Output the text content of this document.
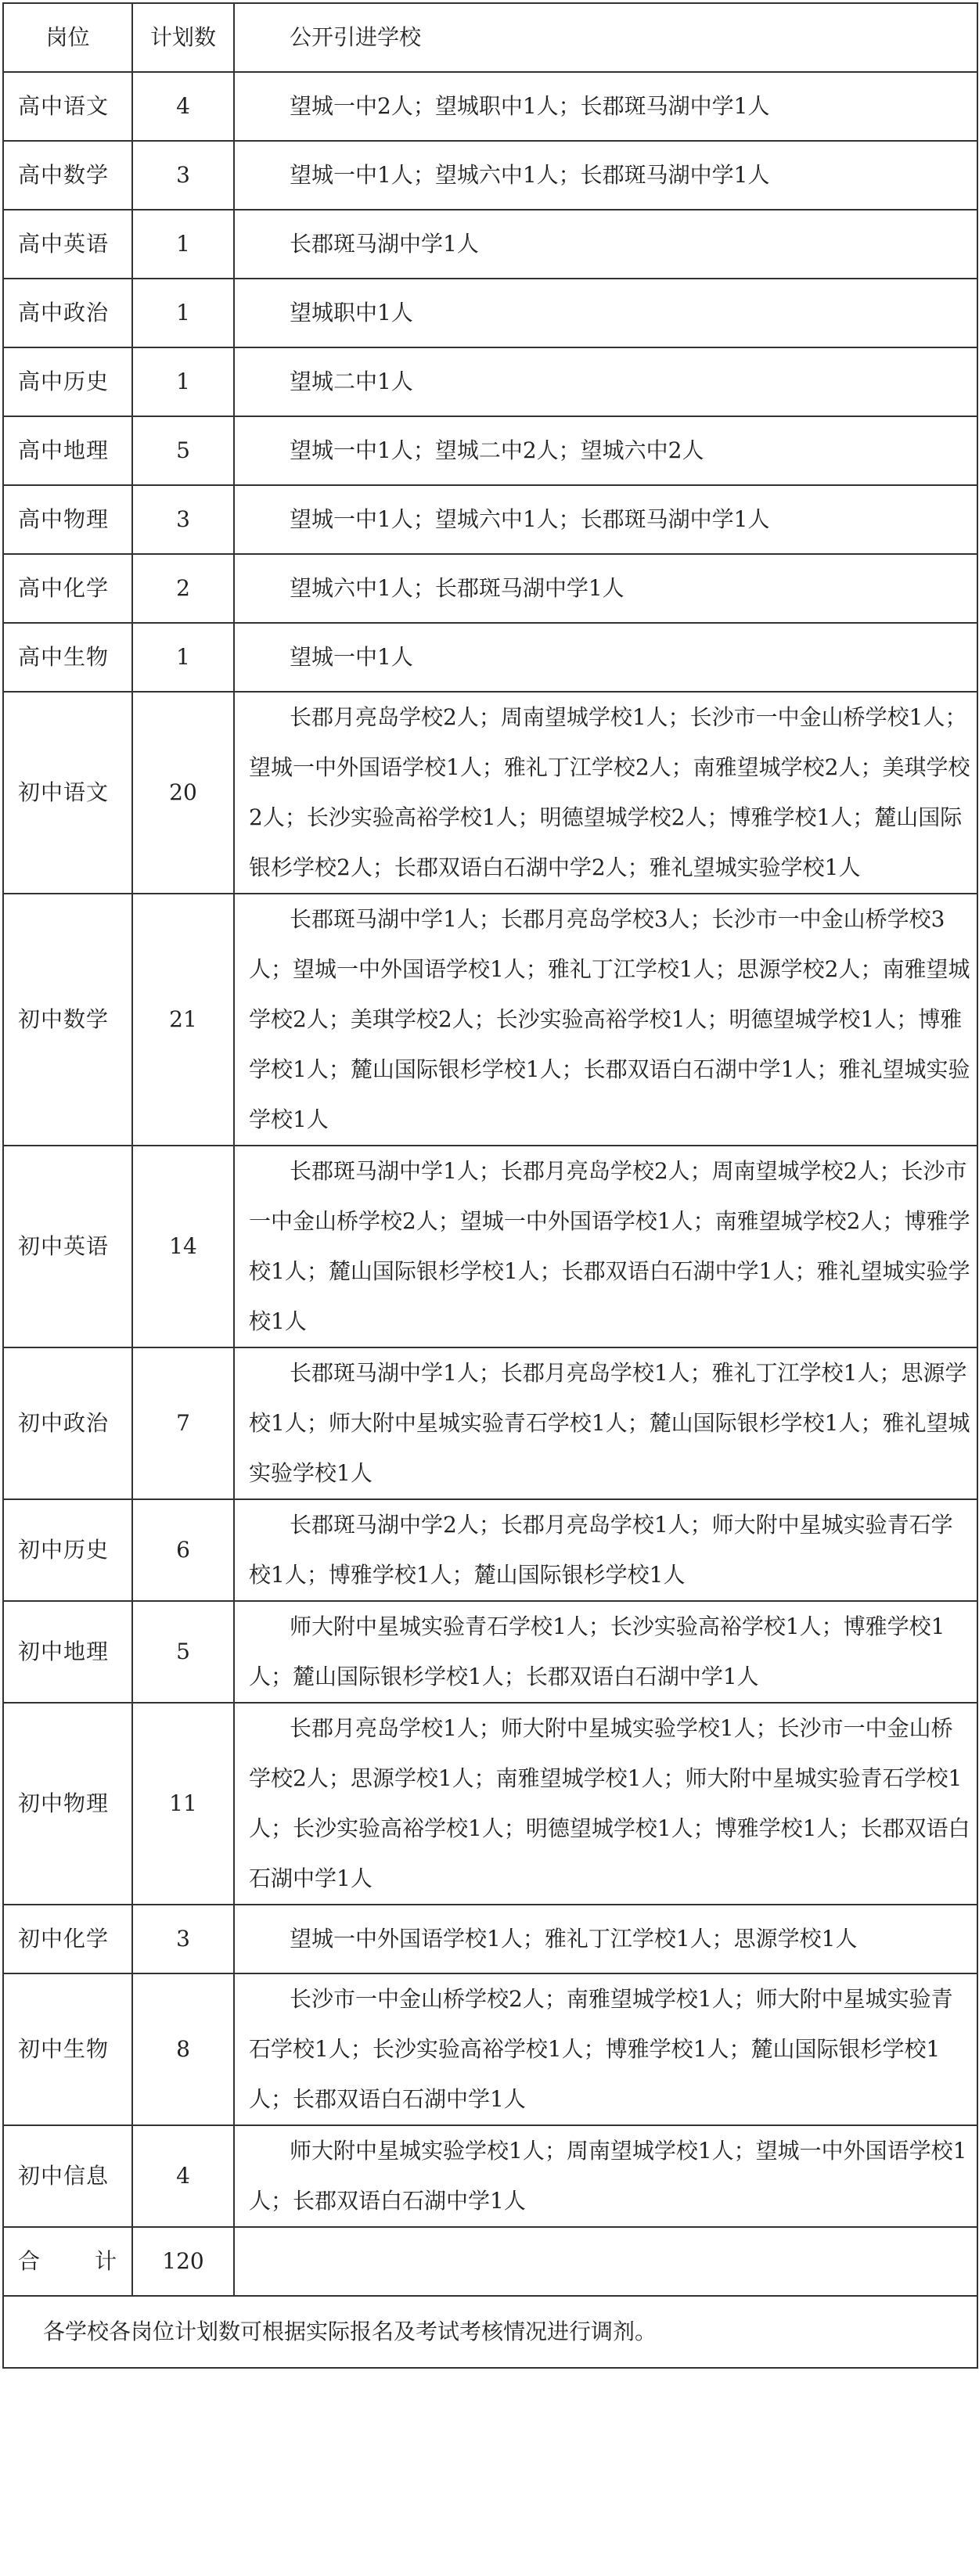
岗位	计划数	公开引进学校
高中语文	4	望城一中2人；望城职中1人；长郡斑马湖中学1人
高中数学	3	望城一中1人；望城六中1人；长郡斑马湖中学1人
高中英语	1	长郡斑马湖中学1人
高中政治	1	望城职中1人
高中历史	1	望城二中1人
高中地理	5	望城一中1人；望城二中2人；望城六中2人
高中物理	3	望城一中1人；望城六中1人；长郡斑马湖中学1人
高中化学	2	望城六中1人；长郡斑马湖中学1人
高中生物	1	望城一中1人
初中语文	20	长郡月亮岛学校2人；周南望城学校1人；长沙市一中金山桥学校1人；望城一中外国语学校1人；雅礼丁江学校2人；南雅望城学校2人；美琪学校2人；长沙实验高裕学校1人；明德望城学校2人；博雅学校1人；麓山国际银杉学校2人；长郡双语白石湖中学2人；雅礼望城实验学校1人
初中数学	21	长郡斑马湖中学1人；长郡月亮岛学校3人；长沙市一中金山桥学校3人；望城一中外国语学校1人；雅礼丁江学校1人；思源学校2人；南雅望城学校2人；美琪学校2人；长沙实验高裕学校1人；明德望城学校1人；博雅学校1人；麓山国际银杉学校1人；长郡双语白石湖中学1人；雅礼望城实验学校1人
初中英语	14	长郡斑马湖中学1人；长郡月亮岛学校2人；周南望城学校2人；长沙市一中金山桥学校2人；望城一中外国语学校1人；南雅望城学校2人；博雅学校1人；麓山国际银杉学校1人；长郡双语白石湖中学1人；雅礼望城实验学校1人
初中政治	7	长郡斑马湖中学1人；长郡月亮岛学校1人；雅礼丁江学校1人；思源学校1人；师大附中星城实验青石学校1人；麓山国际银杉学校1人；雅礼望城实验学校1人
初中历史	6	长郡斑马湖中学2人；长郡月亮岛学校1人；师大附中星城实验青石学校1人；博雅学校1人；麓山国际银杉学校1人
初中地理	5	师大附中星城实验青石学校1人；长沙实验高裕学校1人；博雅学校1人；麓山国际银杉学校1人；长郡双语白石湖中学1人
初中物理	11	长郡月亮岛学校1人；师大附中星城实验学校1人；长沙市一中金山桥学校2人；思源学校1人；南雅望城学校1人；师大附中星城实验青石学校1人；长沙实验高裕学校1人；明德望城学校1人；博雅学校1人；长郡双语白石湖中学1人
初中化学	3	望城一中外国语学校1人；雅礼丁江学校1人；思源学校1人
初中生物	8	长沙市一中金山桥学校2人；南雅望城学校1人；师大附中星城实验青石学校1人；长沙实验高裕学校1人；博雅学校1人；麓山国际银杉学校1人；长郡双语白石湖中学1人
初中信息	4	师大附中星城实验学校1人；周南望城学校1人；望城一中外国语学校1人；长郡双语白石湖中学1人
合 计	120	
各学校各岗位计划数可根据实际报名及考试考核情况进行调剂。		
